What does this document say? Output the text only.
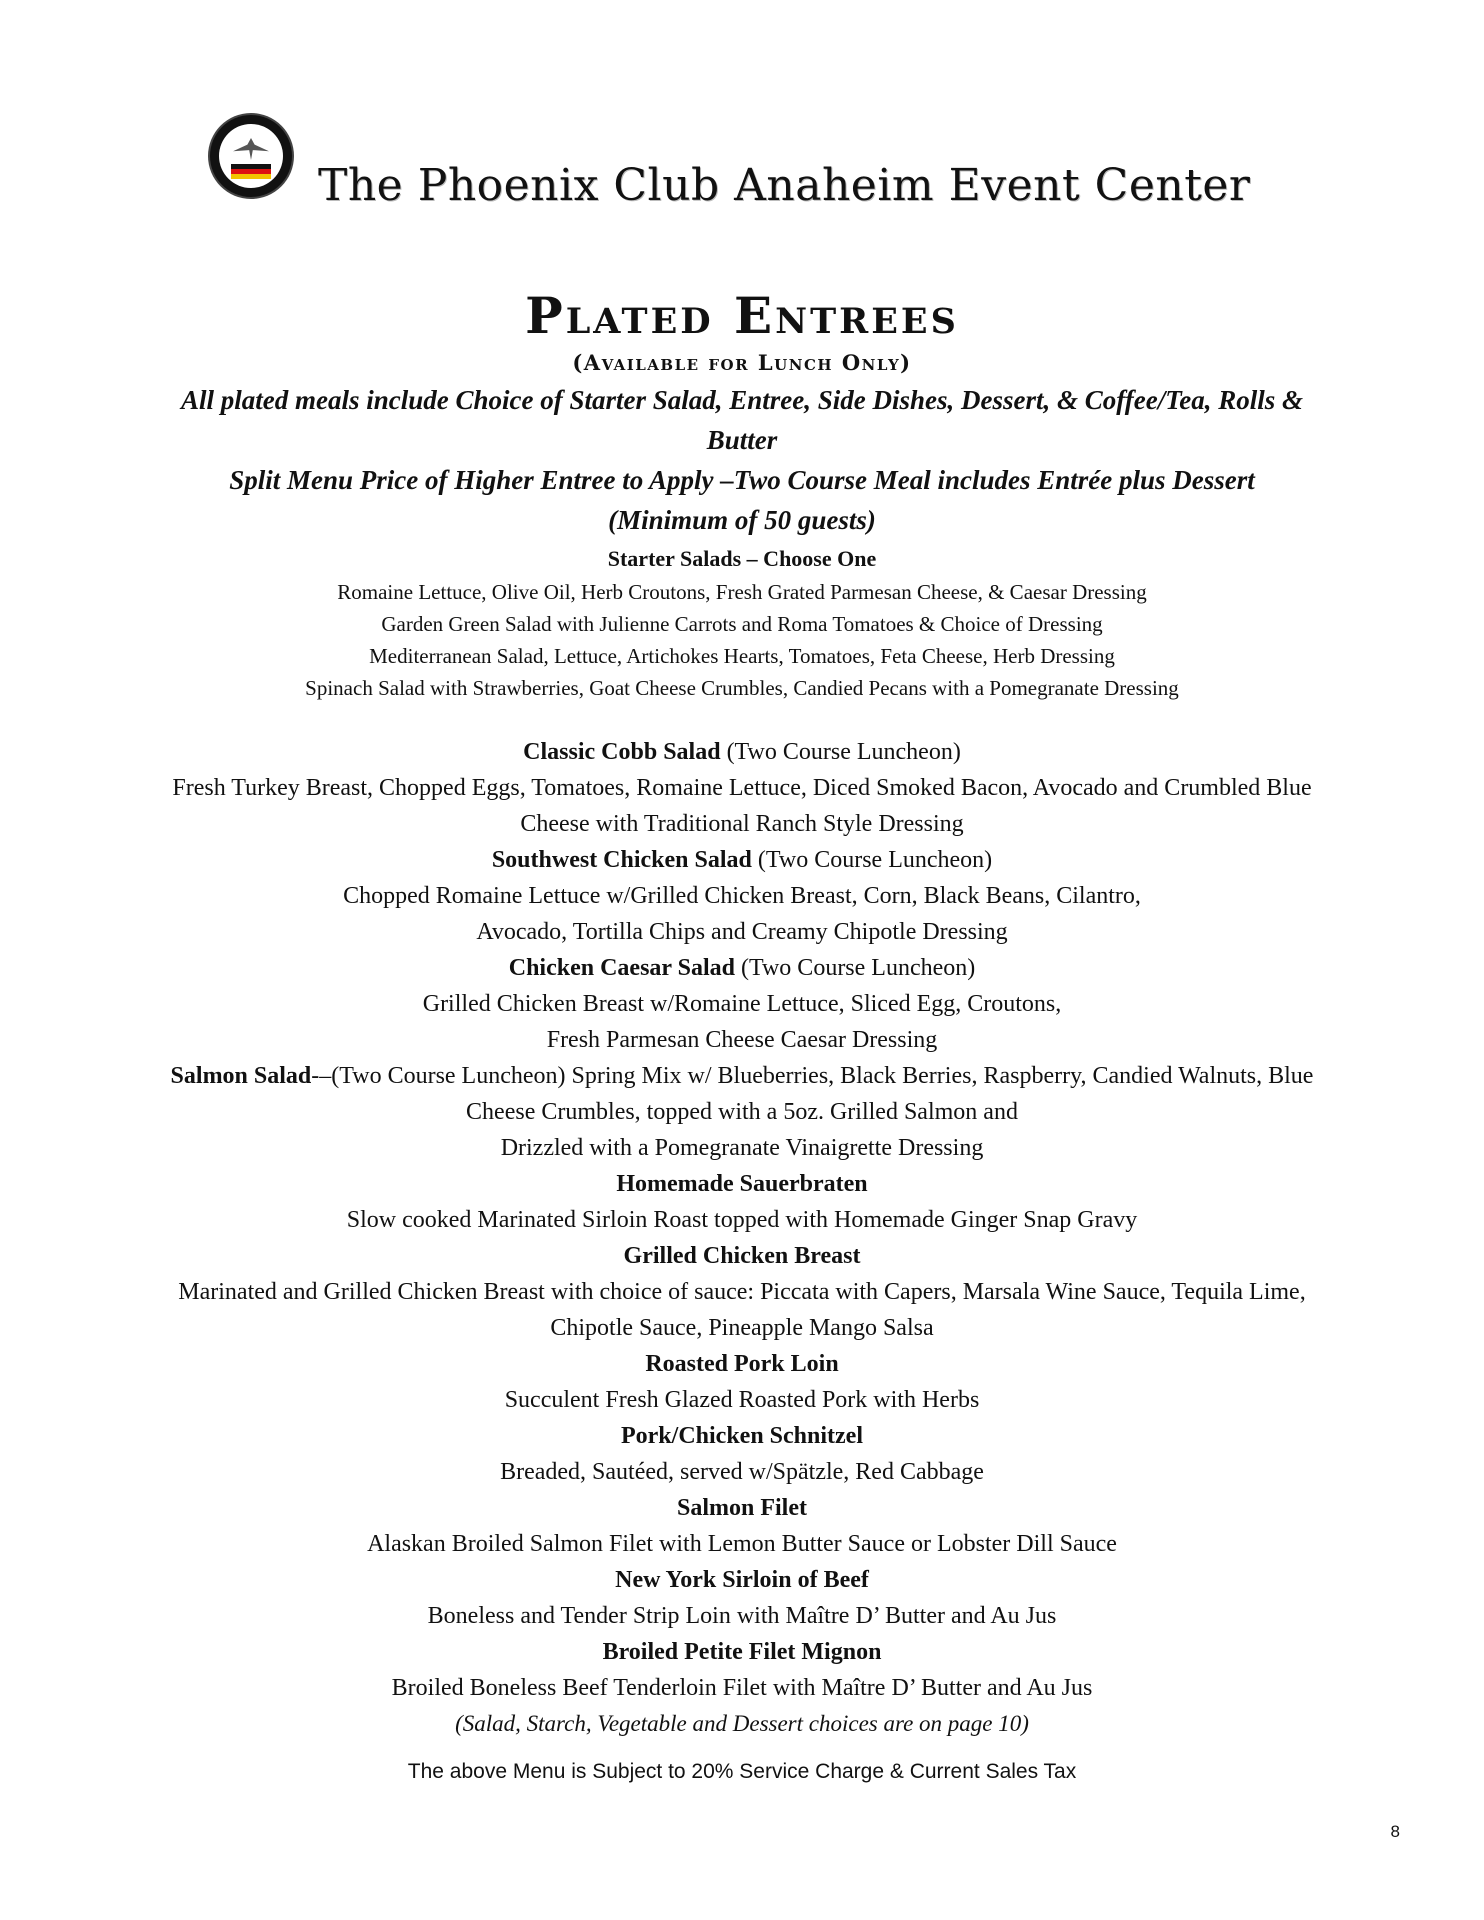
The Phoenix Club Anaheim Event Center
Plated Entrees
(Available for Lunch Only)
All plated meals include Choice of Starter Salad, Entree, Side Dishes, Dessert, & Coffee/Tea, Rolls &
Butter
Split Menu Price of Higher Entree to Apply –Two Course Meal includes Entrée plus Dessert
(Minimum of 50 guests)
Starter Salads – Choose One
Romaine Lettuce, Olive Oil, Herb Croutons, Fresh Grated Parmesan Cheese, & Caesar Dressing
Garden Green Salad with Julienne Carrots and Roma Tomatoes & Choice of Dressing
Mediterranean Salad, Lettuce, Artichokes Hearts, Tomatoes, Feta Cheese, Herb Dressing
Spinach Salad with Strawberries, Goat Cheese Crumbles, Candied Pecans with a Pomegranate Dressing
Classic Cobb Salad (Two Course Luncheon)
Fresh Turkey Breast, Chopped Eggs, Tomatoes, Romaine Lettuce, Diced Smoked Bacon, Avocado and Crumbled Blue
Cheese with Traditional Ranch Style Dressing
Southwest Chicken Salad (Two Course Luncheon)
Chopped Romaine Lettuce w/Grilled Chicken Breast, Corn, Black Beans, Cilantro,
Avocado, Tortilla Chips and Creamy Chipotle Dressing
Chicken Caesar Salad (Two Course Luncheon)
Grilled Chicken Breast w/Romaine Lettuce, Sliced Egg, Croutons,
Fresh Parmesan Cheese Caesar Dressing
Salmon Salad-–(Two Course Luncheon) Spring Mix w/ Blueberries, Black Berries, Raspberry, Candied Walnuts, Blue
Cheese Crumbles, topped with a 5oz. Grilled Salmon and
Drizzled with a Pomegranate Vinaigrette Dressing
Homemade Sauerbraten
Slow cooked Marinated Sirloin Roast topped with Homemade Ginger Snap Gravy
Grilled Chicken Breast
Marinated and Grilled Chicken Breast with choice of sauce: Piccata with Capers, Marsala Wine Sauce, Tequila Lime,
Chipotle Sauce, Pineapple Mango Salsa
Roasted Pork Loin
Succulent Fresh Glazed Roasted Pork with Herbs
Pork/Chicken Schnitzel
Breaded, Sautéed, served w/Spätzle, Red Cabbage
Salmon Filet
Alaskan Broiled Salmon Filet with Lemon Butter Sauce or Lobster Dill Sauce
New York Sirloin of Beef
Boneless and Tender Strip Loin with Maître D’ Butter and Au Jus
Broiled Petite Filet Mignon
Broiled Boneless Beef Tenderloin Filet with Maître D’ Butter and Au Jus
(Salad, Starch, Vegetable and Dessert choices are on page 10)
The above Menu is Subject to 20% Service Charge & Current Sales Tax
8
